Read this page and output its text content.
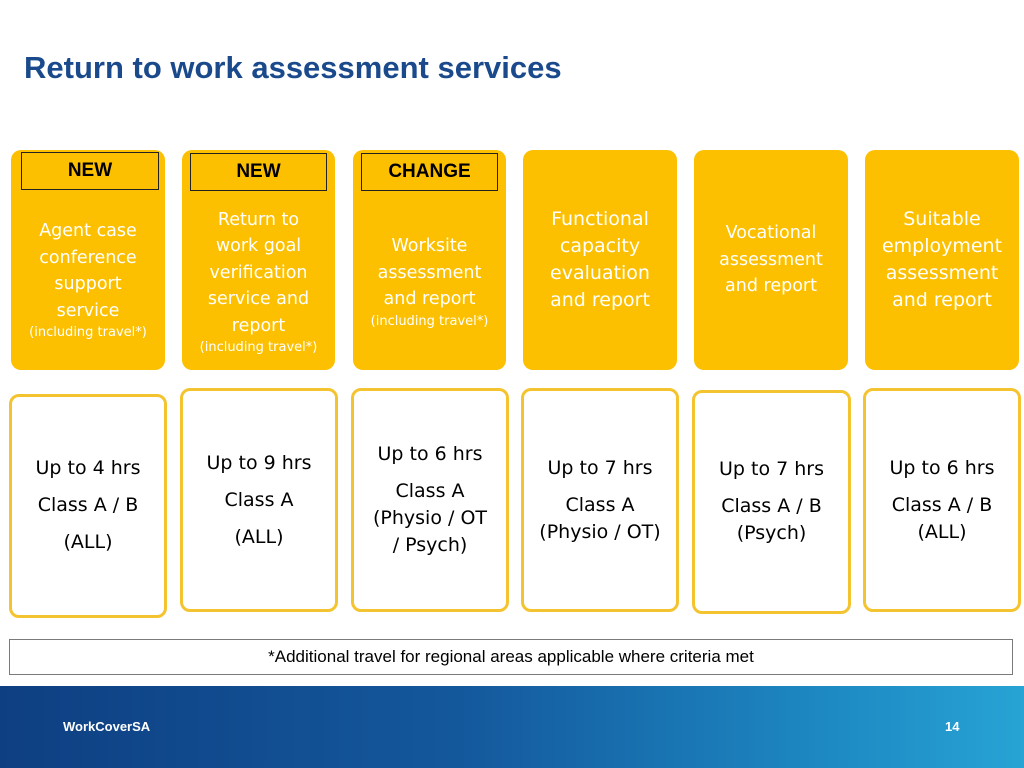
Return to work assessment services
Agent case
conference
support
service
(including travel*)
NEW
Return to
work goal
verification
service and
report
(including travel*)
NEW
Worksite
assessment
and report
(including travel*)
CHANGE
Functional
capacity
evaluation
and report
Vocational
assessment
and report
Suitable
employment
assessment
and report
Up to 4 hrs
Class A / B
(ALL)
Up to 9 hrs
Class A
(ALL)
Up to 6 hrs
Class A
(Physio / OT
/ Psych)
Up to 7 hrs
Class A
(Physio / OT)
Up to 7 hrs
Class A / B
(Psych)
Up to 6 hrs
Class A / B
(ALL)
*Additional travel for regional areas applicable where criteria met
WorkCoverSA	14
